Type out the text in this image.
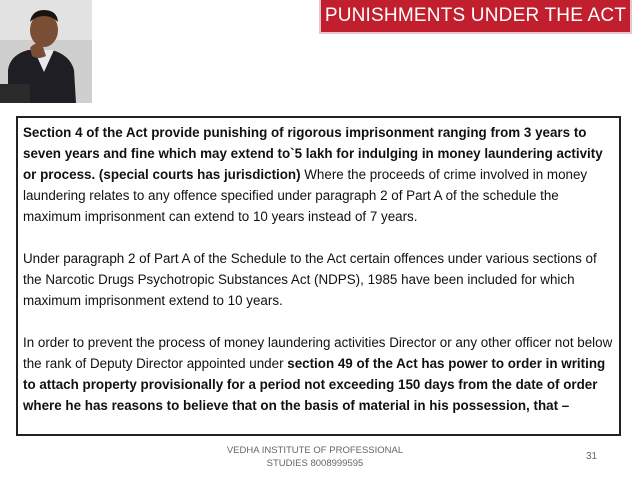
PUNISHMENTS UNDER THE ACT

Section 4 of the Act provide punishing of rigorous imprisonment ranging from 3 years to seven years and fine which may extend to`5 lakh for indulging in money laundering activity or process. (special courts has jurisdiction) Where the proceeds of crime involved in money laundering relates to any offence specified under paragraph 2 of Part A of the schedule the maximum imprisonment can extend to 10 years instead of 7 years.

Under paragraph 2 of Part A of the Schedule to the Act certain offences under various sections of the Narcotic Drugs Psychotropic Substances Act (NDPS), 1985 have been included for which maximum imprisonment extend to 10 years.

In order to prevent the process of money laundering activities Director or any other officer not below the rank of Deputy Director appointed under section 49 of the Act has power to order in writing to attach property provisionally for a period not exceeding 150 days from the date of order where he has reasons to believe that on the basis of material in his possession, that –

VEDHA INSTITUTE OF PROFESSIONAL
STUDIES 8008999595
31
